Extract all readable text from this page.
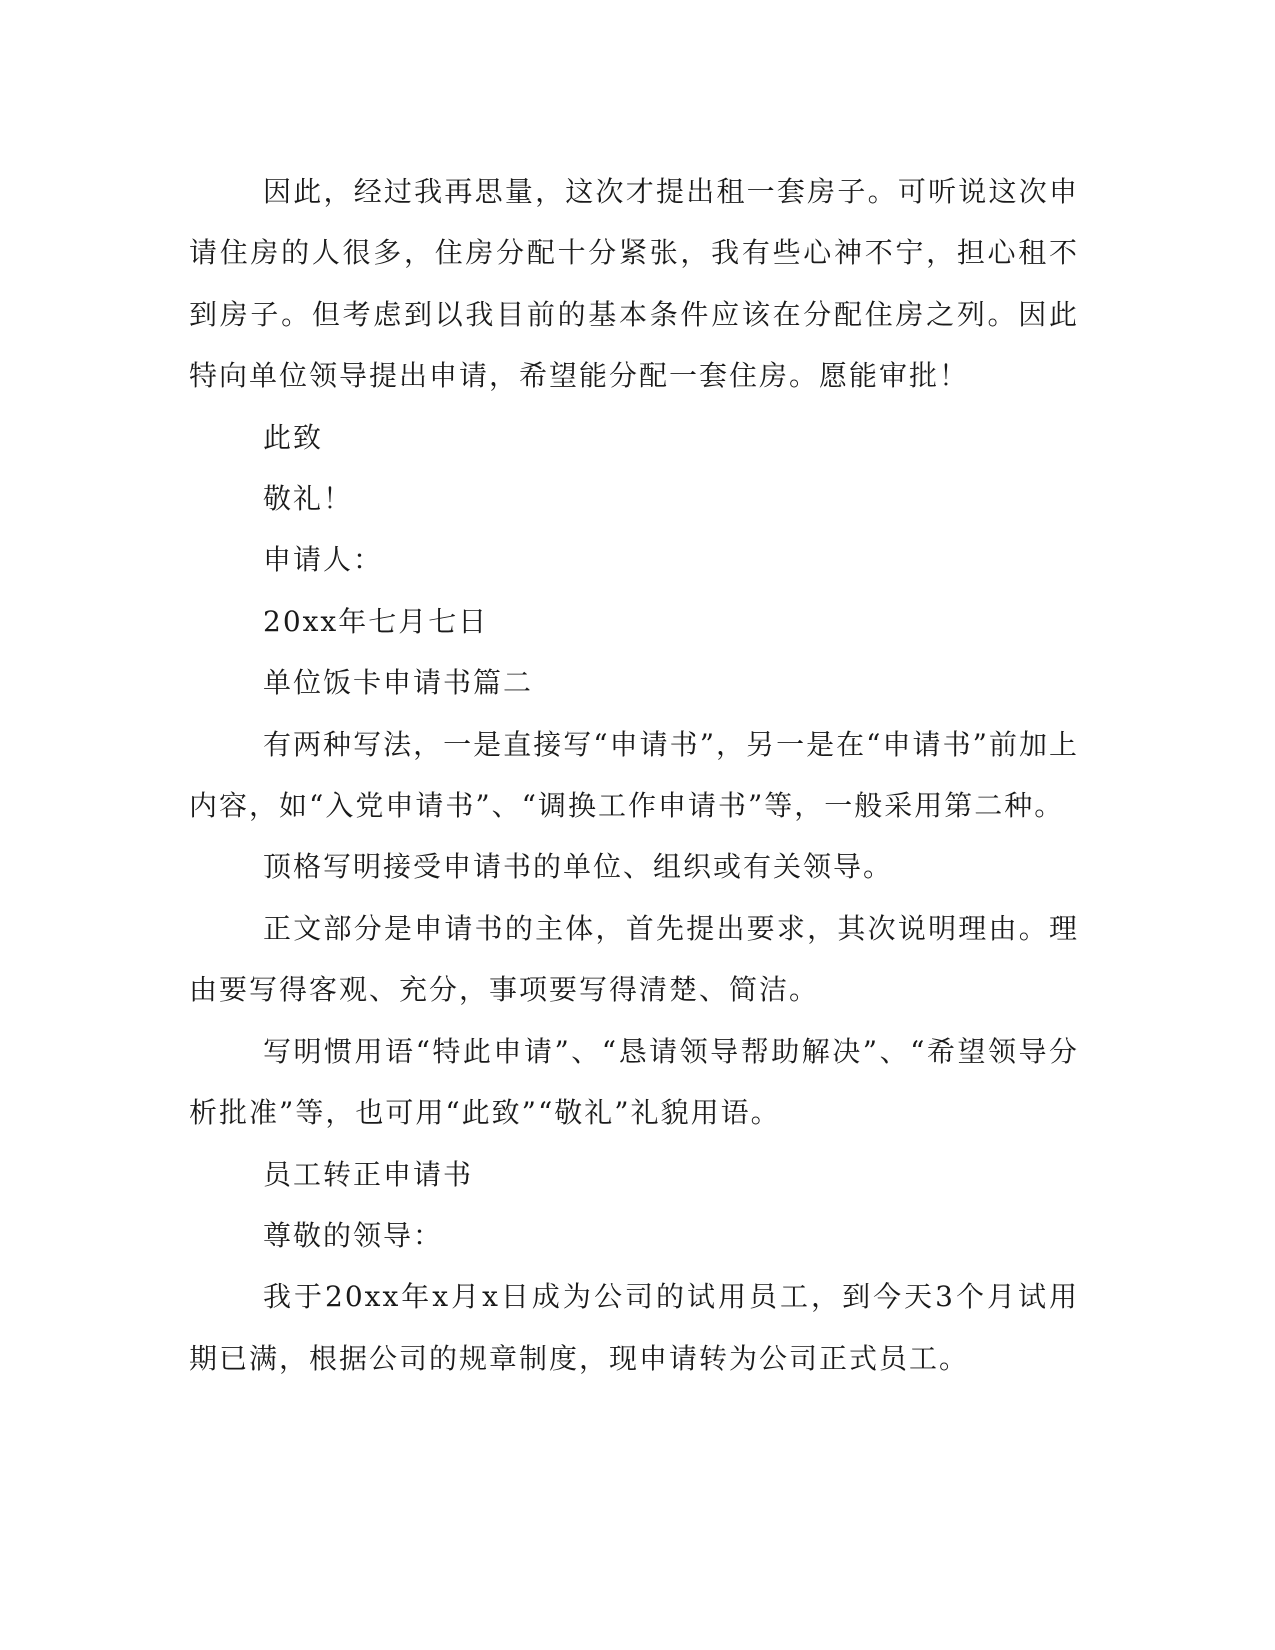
因此，经过我再思量，这次才提出租一套房子。可听说这次申请住房的人很多，住房分配十分紧张，我有些心神不宁，担心租不到房子。但考虑到以我目前的基本条件应该在分配住房之列。因此特向单位领导提出申请，希望能分配一套住房。愿能审批！

此致

敬礼！

申请人：

20xx年七月七日

单位饭卡申请书篇二

有两种写法，一是直接写“申请书”，另一是在“申请书”前加上内容，如“入党申请书”、“调换工作申请书”等，一般采用第二种。

顶格写明接受申请书的单位、组织或有关领导。

正文部分是申请书的主体，首先提出要求，其次说明理由。理由要写得客观、充分，事项要写得清楚、简洁。

写明惯用语“特此申请”、“恳请领导帮助解决”、“希望领导分析批准”等，也可用“此致”“敬礼”礼貌用语。

员工转正申请书

尊敬的领导：

我于20xx年x月x日成为公司的试用员工，到今天3个月试用期已满，根据公司的规章制度，现申请转为公司正式员工。
